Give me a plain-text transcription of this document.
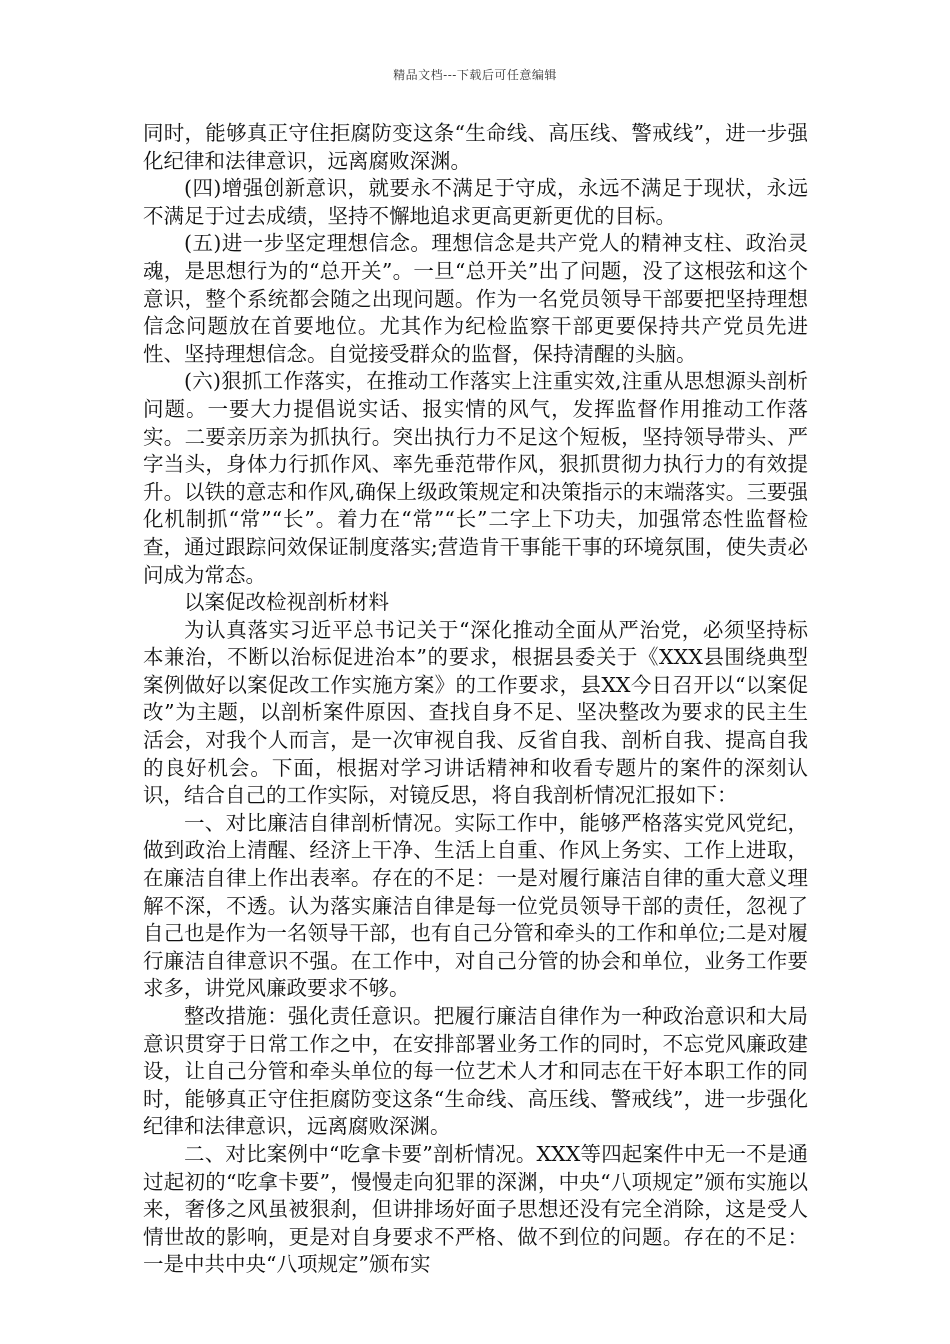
精品文档---下载后可任意编辑

同时，能够真正守住拒腐防变这条“生命线、高压线、警戒线”，进一步强化纪律和法律意识，远离腐败深渊。

(四)增强创新意识，就要永不满足于守成，永远不满足于现状，永远不满足于过去成绩，坚持不懈地追求更高更新更优的目标。

(五)进一步坚定理想信念。理想信念是共产党人的精神支柱、政治灵魂，是思想行为的“总开关”。一旦“总开关”出了问题，没了这根弦和这个意识，整个系统都会随之出现问题。作为一名党员领导干部要把坚持理想信念问题放在首要地位。尤其作为纪检监察干部更要保持共产党员先进性、坚持理想信念。自觉接受群众的监督，保持清醒的头脑。

(六)狠抓工作落实，在推动工作落实上注重实效,注重从思想源头剖析问题。一要大力提倡说实话、报实情的风气，发挥监督作用推动工作落实。二要亲历亲为抓执行。突出执行力不足这个短板，坚持领导带头、严字当头，身体力行抓作风、率先垂范带作风，狠抓贯彻力执行力的有效提升。以铁的意志和作风,确保上级政策规定和决策指示的末端落实。三要强化机制抓“常”“长”。着力在“常”“长”二字上下功夫，加强常态性监督检查，通过跟踪问效保证制度落实;营造肯干事能干事的环境氛围，使失责必问成为常态。

以案促改检视剖析材料

为认真落实习近平总书记关于“深化推动全面从严治党，必须坚持标本兼治，不断以治标促进治本”的要求，根据县委关于《XXX县围绕典型案例做好以案促改工作实施方案》的工作要求，县XX今日召开以“以案促改”为主题，以剖析案件原因、查找自身不足、坚决整改为要求的民主生活会，对我个人而言，是一次审视自我、反省自我、剖析自我、提高自我的良好机会。下面，根据对学习讲话精神和收看专题片的案件的深刻认识，结合自己的工作实际，对镜反思，将自我剖析情况汇报如下：

一、对比廉洁自律剖析情况。实际工作中，能够严格落实党风党纪，做到政治上清醒、经济上干净、生活上自重、作风上务实、工作上进取，在廉洁自律上作出表率。存在的不足：一是对履行廉洁自律的重大意义理解不深，不透。认为落实廉洁自律是每一位党员领导干部的责任，忽视了自己也是作为一名领导干部，也有自己分管和牵头的工作和单位;二是对履行廉洁自律意识不强。在工作中，对自己分管的协会和单位，业务工作要求多，讲党风廉政要求不够。

整改措施：强化责任意识。把履行廉洁自律作为一种政治意识和大局意识贯穿于日常工作之中，在安排部署业务工作的同时，不忘党风廉政建设，让自己分管和牵头单位的每一位艺术人才和同志在干好本职工作的同时，能够真正守住拒腐防变这条“生命线、高压线、警戒线”，进一步强化纪律和法律意识，远离腐败深渊。

二、对比案例中“吃拿卡要”剖析情况。XXX等四起案件中无一不是通过起初的“吃拿卡要”，慢慢走向犯罪的深渊，中央“八项规定”颁布实施以来，奢侈之风虽被狠刹，但讲排场好面子思想还没有完全消除，这是受人情世故的影响，更是对自身要求不严格、做不到位的问题。存在的不足：一是中共中央“八项规定”颁布实
